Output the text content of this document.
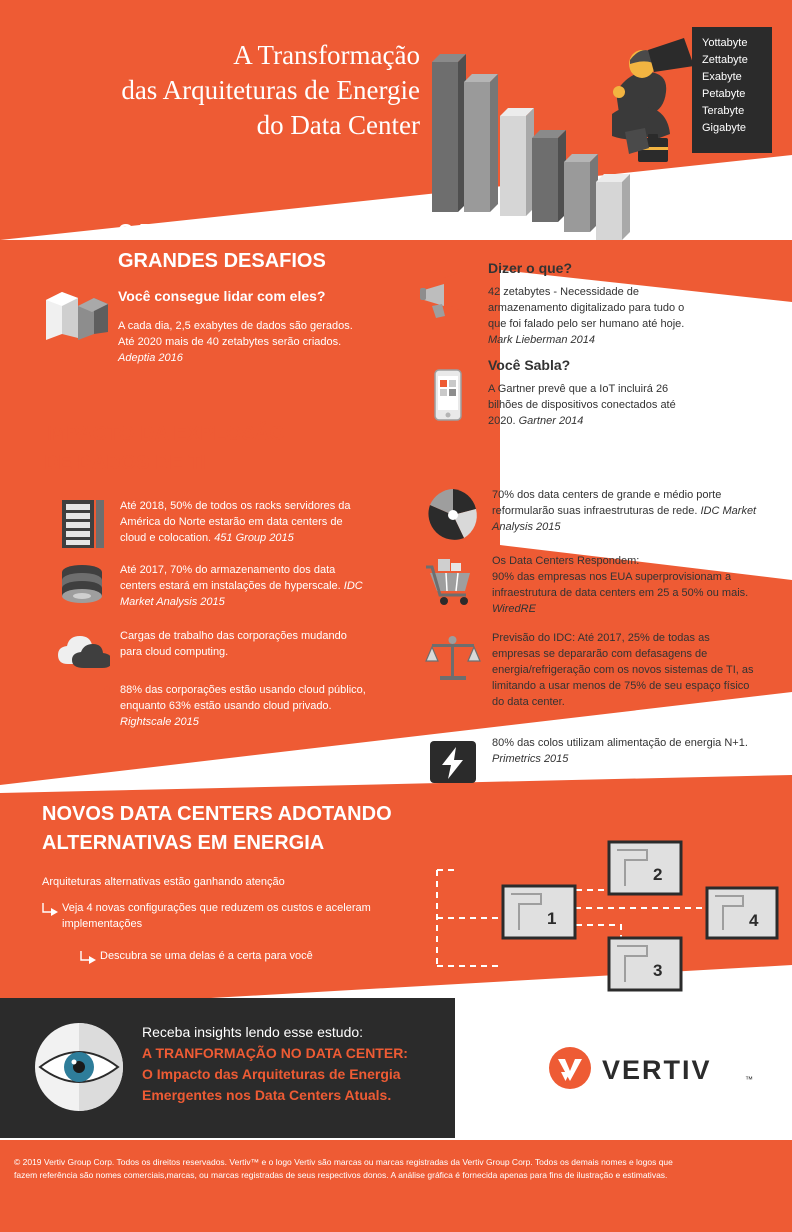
A Transformação
das Arquiteturas de Energie
do Data Center
Yottabyte
Zettabyte
Exabyte
Petabyte
Terabyte
Gigabyte
O BIG DATA TRAZ
GRANDES DESAFIOS
Você consegue lidar com eles?
A cada dia, 2,5 exabytes de dados são gerados. Até 2020 mais de 40 zetabytes serão criados. Adeptia 2016
Dizer o que?
42 zetabytes - Necessidade de armazenamento digitalizado para tudo o que foi falado pelo ser humano até hoje. Mark Lieberman 2014
Você Sabla?
A Gartner prevê que a IoT incluirá 26 bilhões de dispositivos conectados até 2020. Gartner 2014
IMPACTO DA EXPLOSÃO
DE DADOS DE TI
Até 2018, 50% de todos os racks servidores da América do Norte estarão em data centers de cloud e colocation. 451 Group 2015
Até 2017, 70% do armazenamento dos data centers estará em instalações de hyperscale. IDC Market Analysis 2015
Cargas de trabalho das corporações mudando para cloud computing.
88% das corporações estão usando cloud público, enquanto 63% estão usando cloud privado. Rightscale 2015
70% dos data centers de grande e médio porte reformularão suas infraestruturas de rede. IDC Market Analysis 2015
Os Data Centers Respondem:
90% das empresas nos EUA superprovisionam a infraestrutura de data centers em 25 a 50% ou mais. WiredRE
Previsão do IDC: Até 2017, 25% de todas as empresas se depararão com defasagens de energia/refrigeração com os novos sistemas de TI, as limitando a usar menos de 75% de seu espaço físico do data center.
80% das colos utilizam alimentação de energia N+1. Primetrics 2015
NOVOS DATA CENTERS ADOTANDO
ALTERNATIVAS EM ENERGIA
Arquiteturas alternativas estão ganhando atenção
Veja 4 novas configurações que reduzem os custos e aceleram implementações
Descubra se uma delas é a certa para você
1
2
3
4
Receba insights lendo esse estudo:
A TRANFORMAÇÃO NO DATA CENTER:
O Impacto das Arquiteturas de Energia
Emergentes nos Data Centers Atuals.
VERTIV	™

© 2019 Vertiv Group Corp. Todos os direitos reservados. Vertiv™ e o logo Vertiv são marcas ou marcas registradas da Vertiv Group Corp. Todos os demais nomes e logos que

fazem referência são nomes comerciais,marcas, ou marcas registradas de seus respectivos donos. A análise gráfica é fornecida apenas para fins de ilustração e estimativas.
